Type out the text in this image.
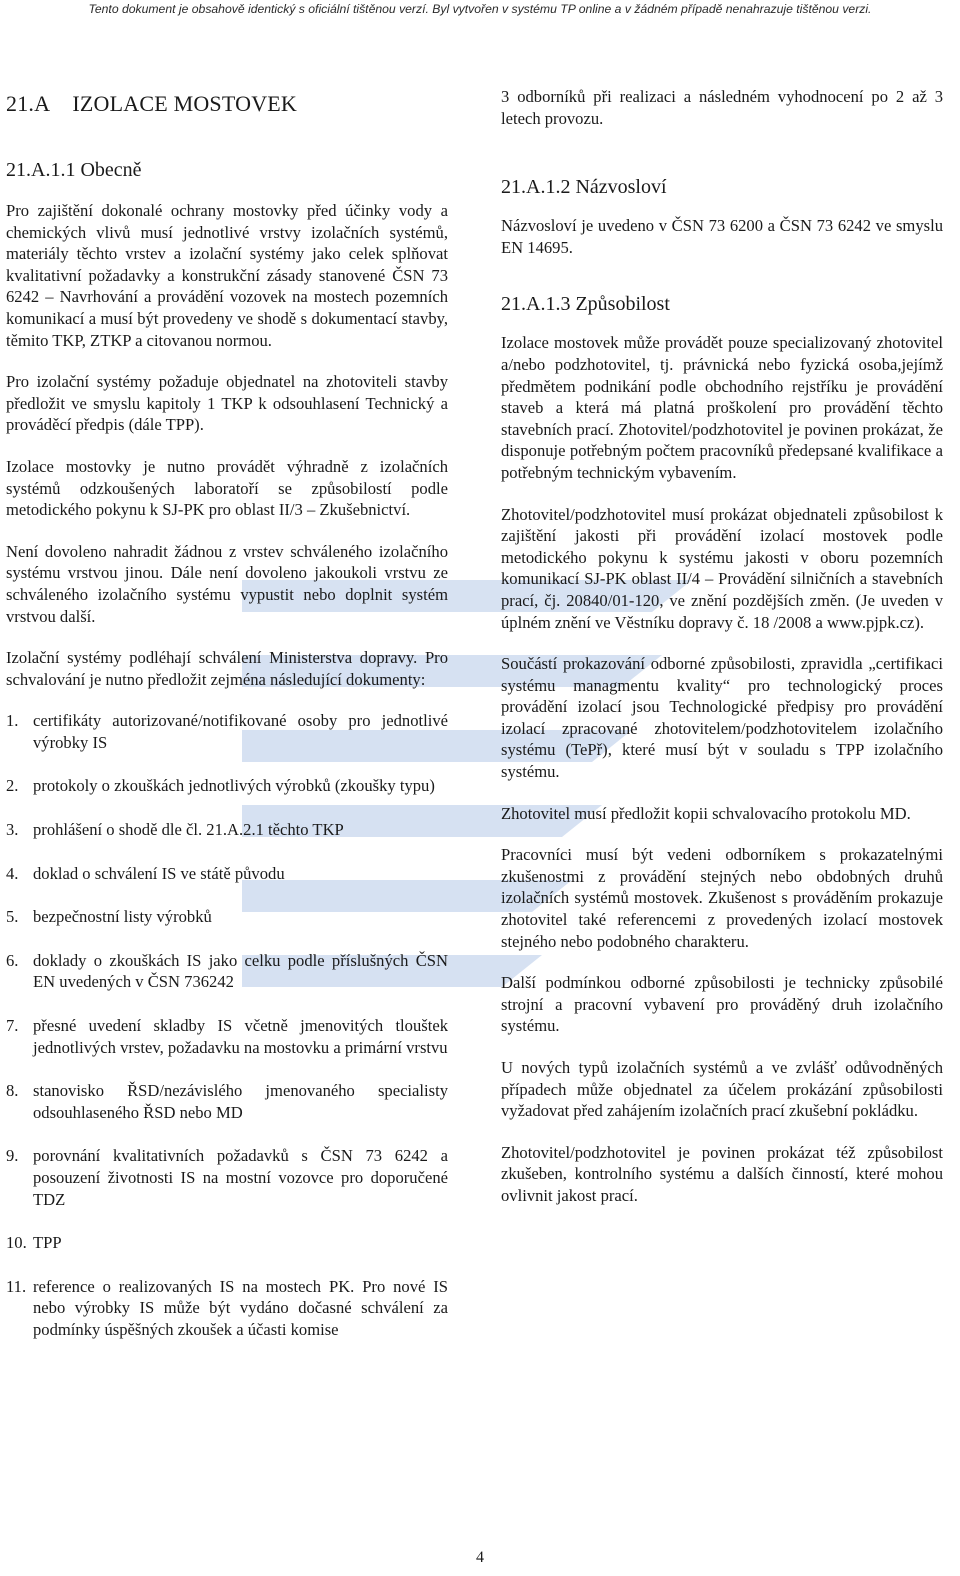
Tento dokument je obsahově identický s oficiální tištěnou verzí. Byl vytvořen v systému TP online a v žádném případě nenahrazuje tištěnou verzi.
21.A IZOLACE MOSTOVEK
21.A.1.1 Obecně

Pro zajištění dokonalé ochrany mostovky před účinky vody a chemických vlivů musí jednotlivé vrstvy izolačních systémů, materiály těchto vrstev a izolační systémy jako celek splňovat kvalitativní požadavky a konstrukční zásady stanovené ČSN 73 6242 – Navrhování a provádění vozovek na mostech pozemních komunikací a musí být provedeny ve shodě s dokumentací stavby, těmito TKP, ZTKP a citovanou normou.

Pro izolační systémy požaduje objednatel na zhotoviteli stavby předložit ve smyslu kapitoly 1 TKP k odsouhlasení Technický a prováděcí předpis (dále TPP).

Izolace mostovky je nutno provádět výhradně z izolačních systémů odzkoušených laboratoří se způsobilostí podle metodického pokynu k SJ-PK pro oblast II/3 – Zkušebnictví.

Není dovoleno nahradit žádnou z vrstev schváleného izolačního systému vrstvou jinou. Dále není dovoleno jakoukoli vrstvu ze schváleného izolačního systému vypustit nebo doplnit systém vrstvou další.

Izolační systémy podléhají schválení Ministerstva dopravy. Pro schvalování je nutno předložit zejména následující dokumenty:

1. certifikáty autorizované/notifikované osoby pro jednotlivé výrobky IS
2. protokoly o zkouškách jednotlivých výrobků (zkoušky typu)
3. prohlášení o shodě dle čl. 21.A.2.1 těchto TKP
4. doklad o schválení IS ve státě původu
5. bezpečnostní listy výrobků
6. doklady o zkouškách IS jako celku podle příslušných ČSN EN uvedených v ČSN 736242
7. přesné uvedení skladby IS včetně jmenovitých tlouštek jednotlivých vrstev, požadavku na mostovku a primární vrstvu
8. stanovisko ŘSD/nezávislého jmenovaného specialisty odsouhlaseného ŘSD nebo MD
9. porovnání kvalitativních požadavků s ČSN 73 6242 a posouzení životnosti IS na mostní vozovce pro doporučené TDZ
10. TPP
11. reference o realizovaných IS na mostech PK. Pro nové IS nebo výrobky IS může být vydáno dočasné schválení za podmínky úspěšných zkoušek a účasti komise

3 odborníků při realizaci a následném vyhodnocení po 2 až 3 letech provozu.

21.A.1.2 Názvosloví

Názvosloví je uvedeno v ČSN 73 6200 a ČSN 73 6242 ve smyslu EN 14695.

21.A.1.3 Způsobilost

Izolace mostovek může provádět pouze specializovaný zhotovitel a/nebo podzhotovitel, tj. právnická nebo fyzická osoba,jejímž předmětem podnikání podle obchodního rejstříku je provádění staveb a která má platná proškolení pro provádění těchto stavebních prací. Zhotovitel/podzhotovitel je povinen prokázat, že disponuje potřebným počtem pracovníků předepsané kvalifikace a potřebným technickým vybavením.

Zhotovitel/podzhotovitel musí prokázat objednateli způsobilost k zajištění jakosti při provádění izolací mostovek podle metodického pokynu k systému jakosti v oboru pozemních komunikací SJ-PK oblast II/4 – Provádění silničních a stavebních prací, čj. 20840/01-120, ve znění pozdějších změn. (Je uveden v úplném znění ve Věstníku dopravy č. 18 /2008 a www.pjpk.cz).

Součástí prokazování odborné způsobilosti, zpravidla „certifikaci systému managmentu kvality“ pro technologický proces provádění izolací jsou Technologické předpisy pro provádění izolací zpracované zhotovitelem/podzhotovitelem izolačního systému (TePř), které musí být v souladu s TPP izolačního systému.

Zhotovitel musí předložit kopii schvalovacího protokolu MD.

Pracovníci musí být vedeni odborníkem s prokazatelnými zkušenostmi z provádění stejných nebo obdobných druhů izolačních systémů mostovek. Zkušenost s prováděním prokazuje zhotovitel také referencemi z provedených izolací mostovek stejného nebo podobného charakteru.

Další podmínkou odborné způsobilosti je technicky způsobilé strojní a pracovní vybavení pro prováděný druh izolačního systému.

U nových typů izolačních systémů a ve zvlášť odůvodněných případech může objednatel za účelem prokázání způsobilosti vyžadovat před zahájením izolačních prací zkušební pokládku.

Zhotovitel/podzhotovitel je povinen prokázat též způsobilost zkušeben, kontrolního systému a dalších činností, které mohou ovlivnit jakost prací.

4
